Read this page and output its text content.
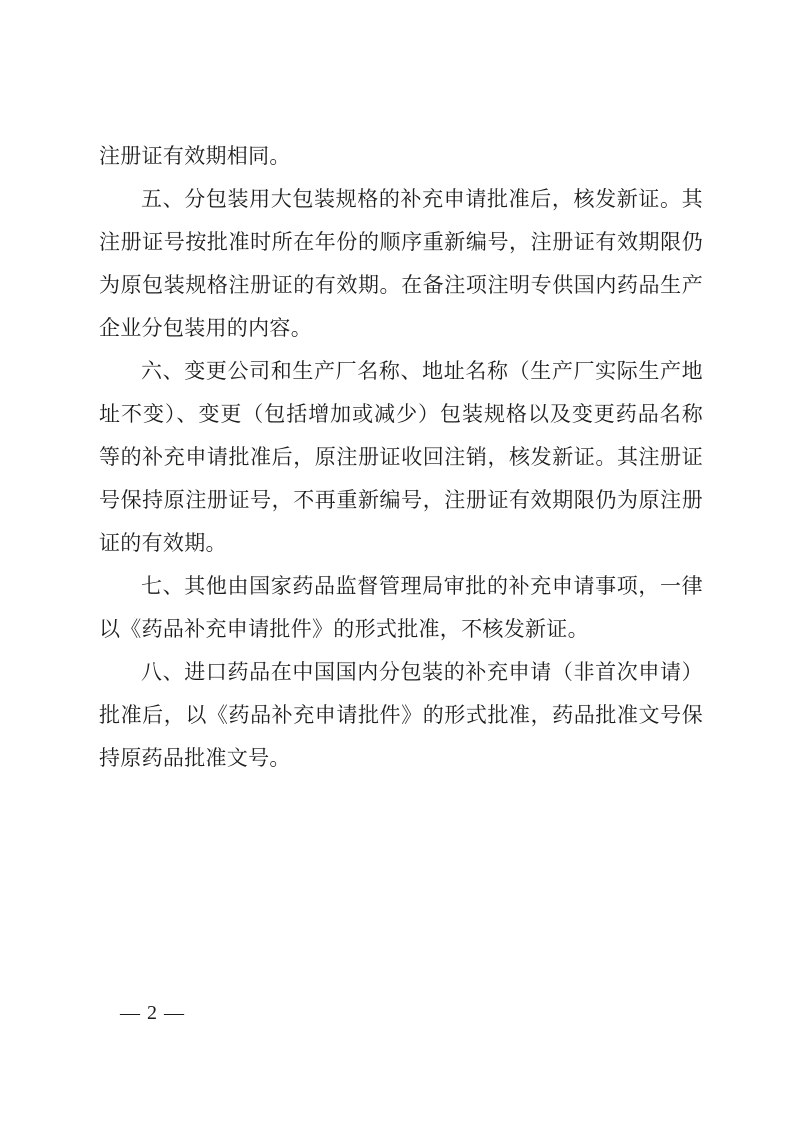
注册证有效期相同。
五、分包装用大包装规格的补充申请批准后，核发新证。其
注册证号按批准时所在年份的顺序重新编号，注册证有效期限仍
为原包装规格注册证的有效期。在备注项注明专供国内药品生产
企业分包装用的内容。
六、变更公司和生产厂名称、地址名称（生产厂实际生产地
址不变）、变更（包括增加或减少）包装规格以及变更药品名称
等的补充申请批准后，原注册证收回注销，核发新证。其注册证
号保持原注册证号，不再重新编号，注册证有效期限仍为原注册
证的有效期。
七、其他由国家药品监督管理局审批的补充申请事项，一律
以《药品补充申请批件》的形式批准，不核发新证。
八、进口药品在中国国内分包装的补充申请（非首次申请）
批准后，以《药品补充申请批件》的形式批准，药品批准文号保
持原药品批准文号。
— 2 —
